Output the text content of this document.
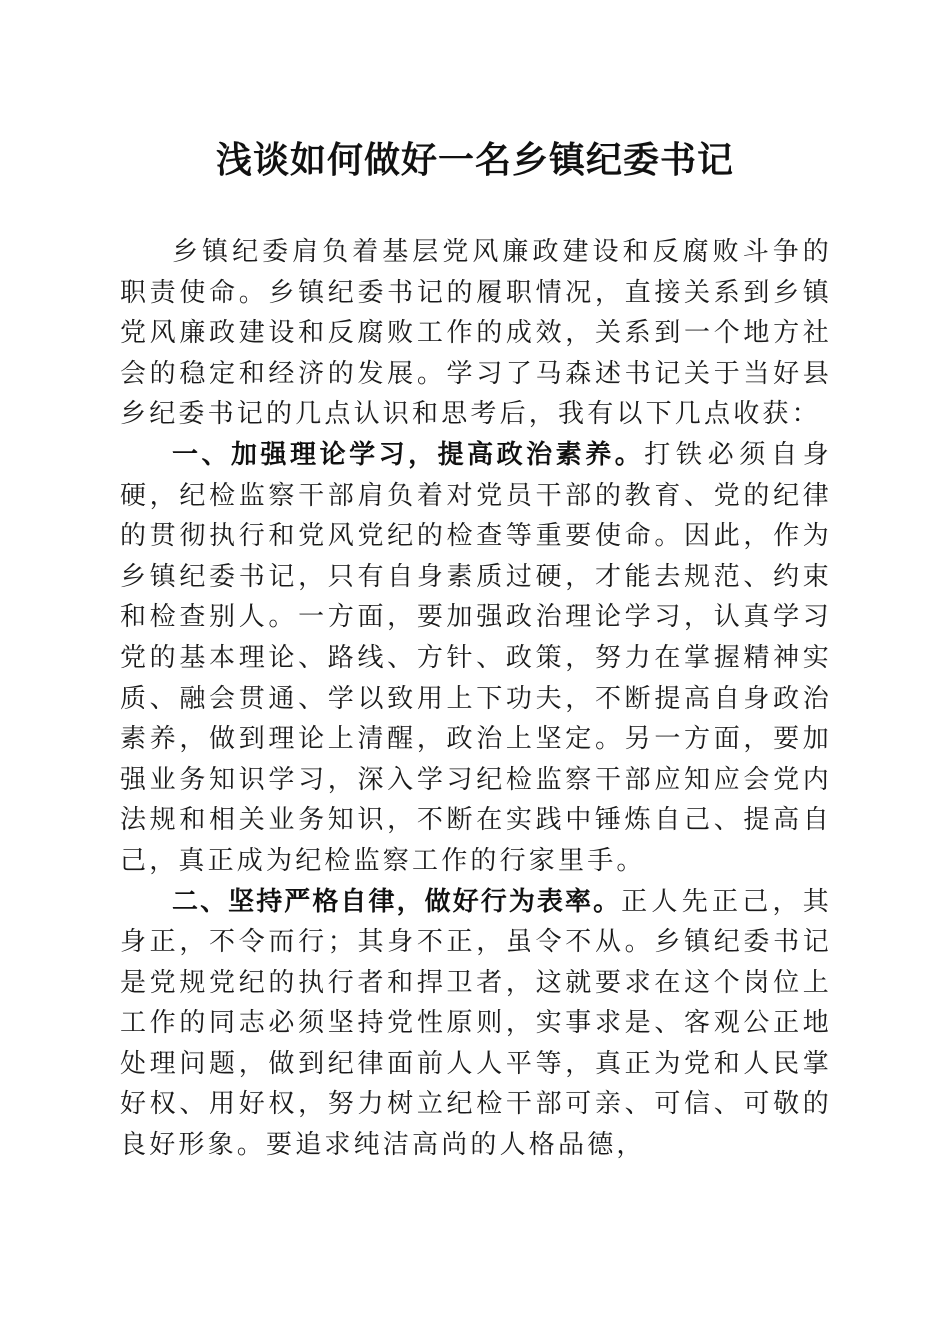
浅谈如何做好一名乡镇纪委书记

乡镇纪委肩负着基层党风廉政建设和反腐败斗争的职责使命。乡镇纪委书记的履职情况，直接关系到乡镇党风廉政建设和反腐败工作的成效，关系到一个地方社会的稳定和经济的发展。学习了马森述书记关于当好县乡纪委书记的几点认识和思考后，我有以下几点收获：

一、加强理论学习，提高政治素养。打铁必须自身硬，纪检监察干部肩负着对党员干部的教育、党的纪律的贯彻执行和党风党纪的检查等重要使命。因此，作为乡镇纪委书记，只有自身素质过硬，才能去规范、约束和检查别人。一方面，要加强政治理论学习，认真学习党的基本理论、路线、方针、政策，努力在掌握精神实质、融会贯通、学以致用上下功夫，不断提高自身政治素养，做到理论上清醒，政治上坚定。另一方面，要加强业务知识学习，深入学习纪检监察干部应知应会党内法规和相关业务知识，不断在实践中锤炼自己、提高自己，真正成为纪检监察工作的行家里手。

二、坚持严格自律，做好行为表率。正人先正己，其身正，不令而行；其身不正，虽令不从。乡镇纪委书记是党规党纪的执行者和捍卫者，这就要求在这个岗位上工作的同志必须坚持党性原则，实事求是、客观公正地处理问题，做到纪律面前人人平等，真正为党和人民掌好权、用好权，努力树立纪检干部可亲、可信、可敬的良好形象。要追求纯洁高尚的人格品德，
